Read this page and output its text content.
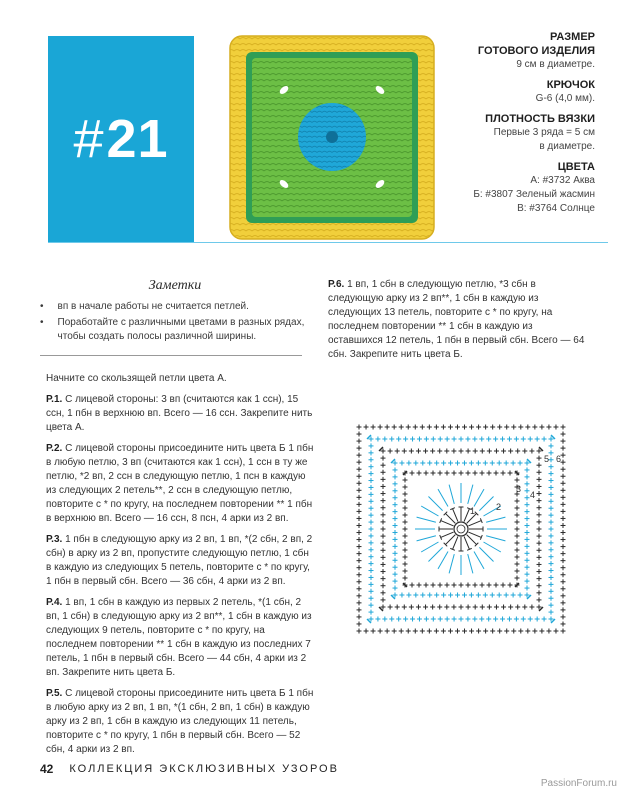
#21
РАЗМЕР
ГОТОВОГО ИЗДЕЛИЯ
9 см в диаметре.
КРЮЧОК
G-6 (4,0 мм).
ПЛОТНОСТЬ ВЯЗКИ
Первые 3 ряда = 5 см
в диаметре.
ЦВЕТА
А: #3732 Аква
Б: #3807 Зеленый жасмин
В: #3764 Солнце
Заметки
• вп в начале работы не считается петлей.
• Поработайте с различными цветами в разных рядах, чтобы создать полосы различной ширины.
Начните со скользящей петли цвета А.
Р.1. С лицевой стороны: 3 вп (считаются как 1 ссн), 15 ссн, 1 пбн в верхнюю вп. Всего — 16 ссн. Закрепите нить цвета А.
Р.2. С лицевой стороны присоедините нить цвета Б 1 пбн в любую петлю, 3 вп (считаются как 1 ссн), 1 ссн в ту же петлю, *2 вп, 2 ссн в следующую петлю, 1 псн в каждую из следующих 2 петель**, 2 ссн в следующую петлю, повторите с * по кругу, на последнем повторении ** 1 пбн в верхнюю вп. Всего — 16 ссн, 8 псн, 4 арки из 2 вп.
Р.3. 1 пбн в следующую арку из 2 вп, 1 вп, *(2 сбн, 2 вп, 2 сбн) в арку из 2 вп, пропустите следующую петлю, 1 сбн в каждую из следующих 5 петель, повторите с * по кругу, 1 пбн в первый сбн. Всего — 36 сбн, 4 арки из 2 вп.
Р.4. 1 вп, 1 сбн в каждую из первых 2 петель, *(1 сбн, 2 вп, 1 сбн) в следующую арку из 2 вп**, 1 сбн в каждую из следующих 9 петель, повторите с * по кругу, на последнем повторении ** 1 сбн в каждую из последних 7 петель, 1 пбн в первый сбн. Всего — 44 сбн, 4 арки из 2 вп. Закрепите нить цвета Б.
Р.5. С лицевой стороны присоедините нить цвета Б 1 пбн в любую арку из 2 вп, 1 вп, *(1 сбн, 2 вп, 1 сбн) в каждую арку из 2 вп, 1 сбн в каждую из следующих 11 петель, повторите с * по кругу, 1 пбн в первый сбн. Всего — 52 сбн, 4 арки из 2 вп.
Р.6. 1 вп, 1 сбн в следующую петлю, *3 сбн в следующую арку из 2 вп**, 1 сбн в каждую из следующих 13 петель, повторите с * по кругу, на последнем повторении ** 1 сбн в каждую из оставшихся 12 петель, 1 пбн в первый сбн. Всего — 64 сбн. Закрепите нить цвета Б.
1 2
3
4
5 6
42 КОЛЛЕКЦИЯ ЭКСКЛЮЗИВНЫХ УЗОРОВ
PassionForum.ru
